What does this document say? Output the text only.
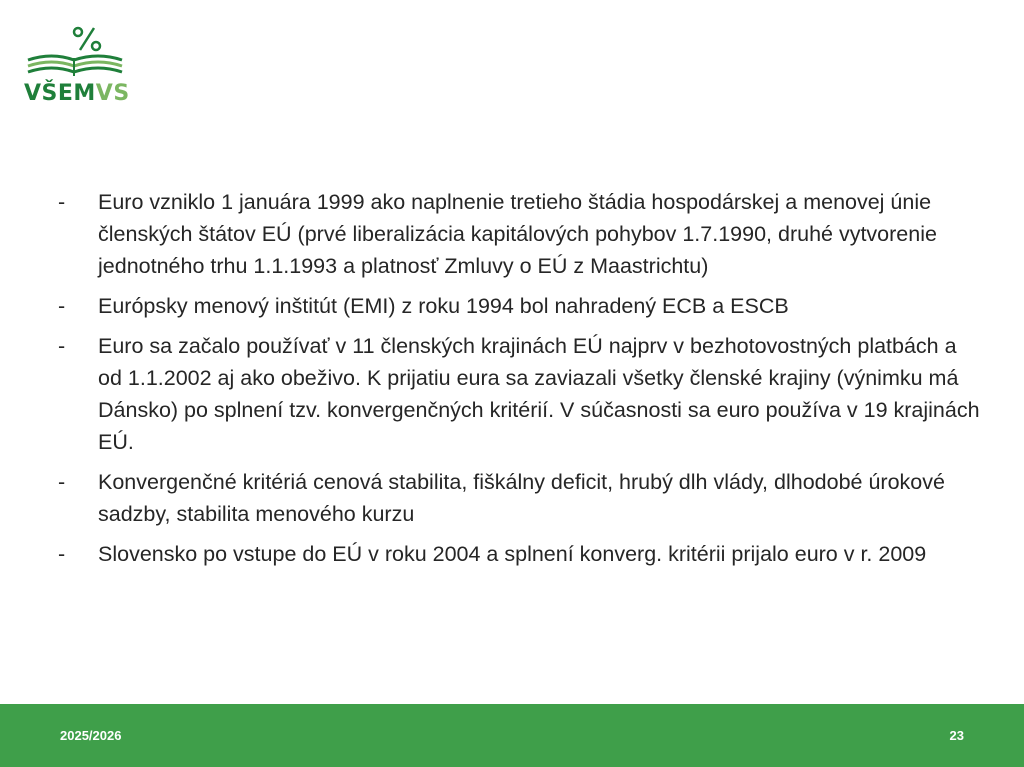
VŠEMVS
- Euro vzniklo 1 januára 1999 ako naplnenie tretieho štádia hospodárskej a menovej únie členských štátov EÚ (prvé liberalizácia kapitálových pohybov 1.7.1990, druhé vytvorenie jednotného trhu 1.1.1993 a platnosť Zmluvy o EÚ z Maastrichtu)
- Európsky menový inštitút (EMI) z roku 1994 bol nahradený ECB a ESCB
- Euro sa začalo používať v 11 členských krajinách EÚ najprv v bezhotovostných platbách a od 1.1.2002 aj ako obeživo. K prijatiu eura sa zaviazali všetky členské krajiny (výnimku má Dánsko) po splnení tzv. konvergenčných kritérií. V súčasnosti sa euro používa v 19 krajinách EÚ.
- Konvergenčné kritériá cenová stabilita, fiškálny deficit, hrubý dlh vlády, dlhodobé úrokové sadzby, stabilita menového kurzu
- Slovensko po vstupe do EÚ v roku 2004 a splnení konverg. kritérii prijalo euro v r. 2009
2025/2026	23
